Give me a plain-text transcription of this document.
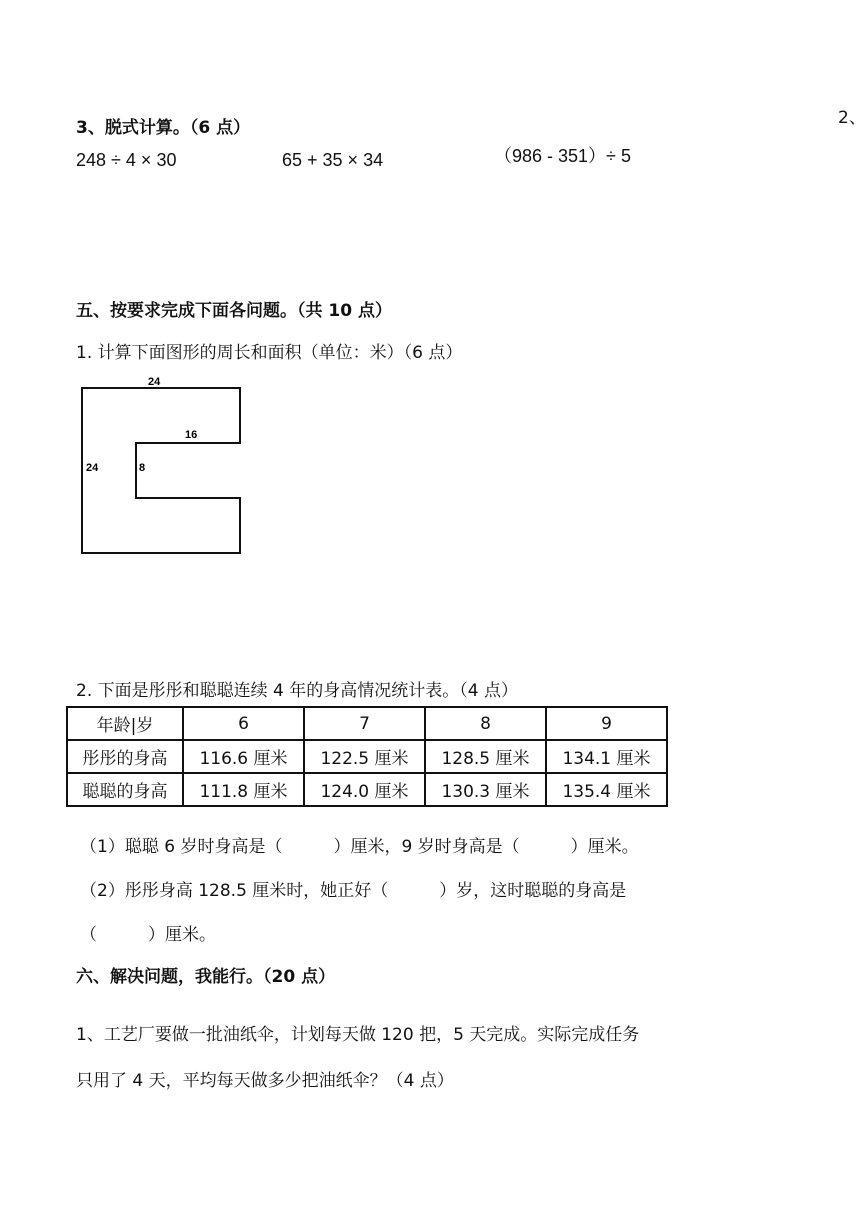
2、
3、脱式计算。（6 点）
248 ÷ 4 × 30	65 + 35 × 34	（986 - 351）÷ 5
五、按要求完成下面各问题。（共 10 点）
1. 计算下面图形的周长和面积（单位：米）（6 点）
24
16
24	8
2. 下面是彤彤和聪聪连续 4 年的身高情况统计表。（4 点）
年龄|岁	6	7	8	9
彤彤的身高	116.6 厘米	122.5 厘米	128.5 厘米	134.1 厘米
聪聪的身高	111.8 厘米	124.0 厘米	130.3 厘米	135.4 厘米
（1）聪聪 6 岁时身高是（　　　）厘米，9 岁时身高是（　　　）厘米。
（2）彤彤身高 128.5 厘米时，她正好（　　　）岁，这时聪聪的身高是
（　　　）厘米。
六、解决问题，我能行。（20 点）
1、工艺厂要做一批油纸伞，计划每天做 120 把，5 天完成。实际完成任务
只用了 4 天，平均每天做多少把油纸伞？（4 点）
